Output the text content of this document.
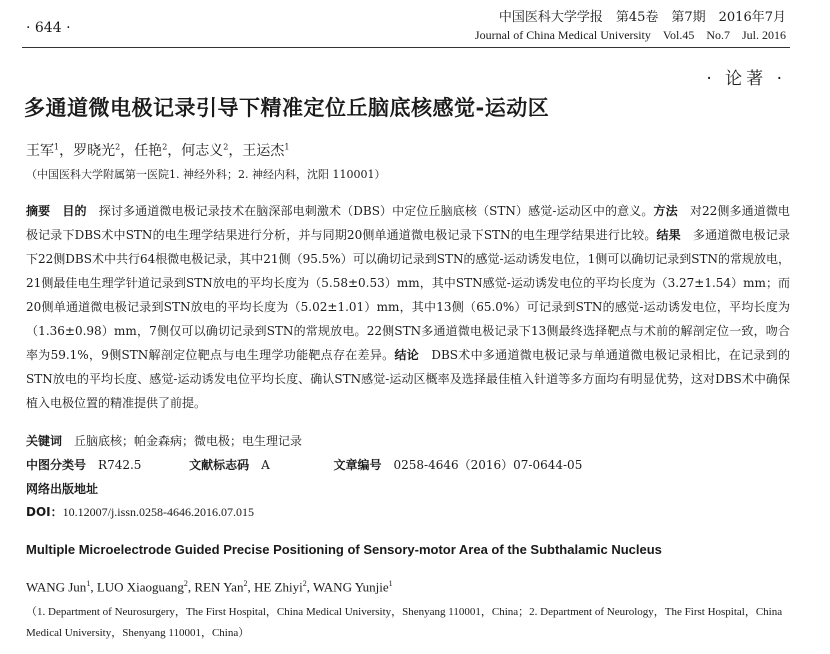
· 644 ·
中国医科大学学报　第45卷　第7期　2016年7月
Journal of China Medical University　Vol.45　No.7　Jul. 2016
· 论著 ·
多通道微电极记录引导下精准定位丘脑底核感觉-运动区
王军$^1$，罗晓光$^2$，任艳$^2$，何志义$^2$，王运杰$^1$
（中国医科大学附属第一医院1. 神经外科；2. 神经内科，沈阳 110001）
摘要　 目的　 探讨多通道微电极记录技术在脑深部电刺激术（DBS）中定位丘脑底核（STN）感觉-运动区中的意义。方法　 对22侧多通道微电极记录下DBS术中STN的电生理学结果进行分析，并与同期20侧单通道微电极记录下STN的电生理学结果进行比较。结果　 多通道微电极记录下22侧DBS术中共行64根微电极记录，其中21侧（95.5%）可以确切记录到STN的感觉-运动诱发电位，1侧可以确切记录到STN的常规放电，21侧最佳电生理学针道记录到STN放电的平均长度为（5.58±0.53）mm，其中STN感觉-运动诱发电位的平均长度为（3.27±1.54）mm；而20侧单通道微电极记录到STN放电的平均长度为（5.02±1.01）mm，其中13侧（65.0%）可记录到STN的感觉-运动诱发电位，平均长度为（1.36±0.98）mm，7侧仅可以确切记录到STN的常规放电。22侧STN多通道微电极记录下13侧最终选择靶点与术前的解剖定位一致，吻合率为59.1%，9侧STN解剖定位靶点与电生理学功能靶点存在差异。结论　 DBS术中多通道微电极记录与单通道微电极记录相比，在记录到的STN放电的平均长度、感觉-运动诱发电位平均长度、确认STN感觉-运动区概率及选择最佳植入针道等多方面均有明显优势，这对DBS术中确保植入电极位置的精准提供了前提。
关键词　 丘脑底核；帕金森病；微电极；电生理记录
中图分类号　 R742.5	文献标志码　 A	文章编号　 0258-4646（2016）07-0644-05
网络出版地址
DOI：10.12007/j.issn.0258-4646.2016.07.015
Multiple Microelectrode Guided Precise Positioning of Sensory-motor Area of the Subthalamic Nucleus
WANG Jun$^1$, LUO Xiaoguang$^2$, REN Yan$^2$, HE Zhiyi$^2$, WANG Yunjie$^1$
（1. Department of Neurosurgery，The First Hospital，China Medical University，Shenyang 110001，China；2. Department of Neurology，The First Hospital，China Medical University，Shenyang 110001，China）
